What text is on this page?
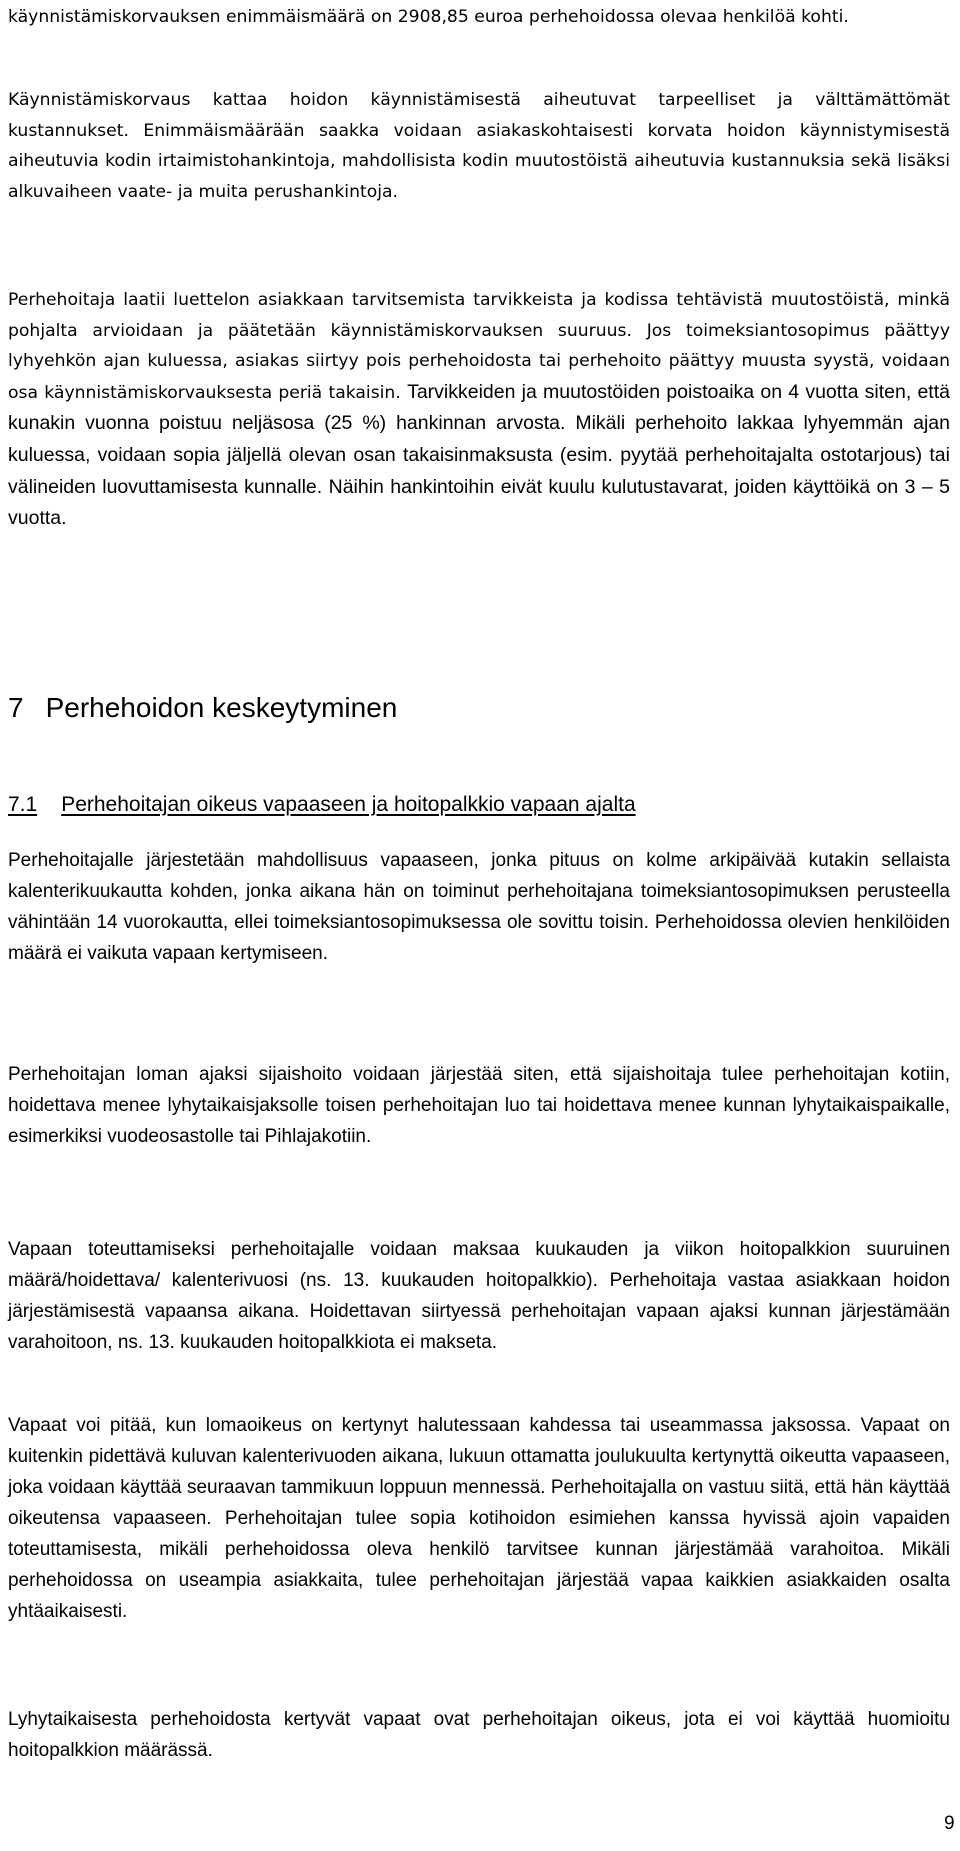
käynnistämiskorvauksen enimmäismäärä on 2908,85 euroa perhehoidossa olevaa henkilöä kohti.

Käynnistämiskorvaus kattaa hoidon käynnistämisestä aiheutuvat tarpeelliset ja välttämättömät kustannukset. Enimmäismäärään saakka voidaan asiakaskohtaisesti korvata hoidon käynnistymisestä aiheutuvia kodin irtaimistohankintoja, mahdollisista kodin muutostöistä aiheutuvia kustannuksia sekä lisäksi alkuvaiheen vaate- ja muita perushankintoja.

Perhehoitaja laatii luettelon asiakkaan tarvitsemista tarvikkeista ja kodissa tehtävistä muutostöistä, minkä pohjalta arvioidaan ja päätetään käynnistämiskorvauksen suuruus. Jos toimeksiantosopimus päättyy lyhyehkön ajan kuluessa, asiakas siirtyy pois perhehoidosta tai perhehoito päättyy muusta syystä, voidaan osa käynnistämiskorvauksesta periä takaisin. Tarvikkeiden ja muutostöiden poistoaika on 4 vuotta siten, että kunakin vuonna poistuu neljäsosa (25 %) hankinnan arvosta. Mikäli perhehoito lakkaa lyhyemmän ajan kuluessa, voidaan sopia jäljellä olevan osan takaisinmaksusta (esim. pyytää perhehoitajalta ostotarjous) tai välineiden luovuttamisesta kunnalle. Näihin hankintoihin eivät kuulu kulutustavarat, joiden käyttöikä on 3 – 5 vuotta.

7 Perhehoidon keskeytyminen
7.1 Perhehoitajan oikeus vapaaseen ja hoitopalkkio vapaan ajalta

Perhehoitajalle järjestetään mahdollisuus vapaaseen, jonka pituus on kolme arkipäivää kutakin sellaista kalenterikuukautta kohden, jonka aikana hän on toiminut perhehoitajana toimeksiantosopimuksen perusteella vähintään 14 vuorokautta, ellei toimeksiantosopimuksessa ole sovittu toisin. Perhehoidossa olevien henkilöiden määrä ei vaikuta vapaan kertymiseen.

Perhehoitajan loman ajaksi sijaishoito voidaan järjestää siten, että sijaishoitaja tulee perhehoitajan kotiin, hoidettava menee lyhytaikaisjaksolle toisen perhehoitajan luo tai hoidettava menee kunnan lyhytaikaispaikalle, esimerkiksi vuodeosastolle tai Pihlajakotiin.

Vapaan toteuttamiseksi perhehoitajalle voidaan maksaa kuukauden ja viikon hoitopalkkion suuruinen määrä/hoidettava/ kalenterivuosi (ns. 13. kuukauden hoitopalkkio). Perhehoitaja vastaa asiakkaan hoidon järjestämisestä vapaansa aikana. Hoidettavan siirtyessä perhehoitajan vapaan ajaksi kunnan järjestämään varahoitoon, ns. 13. kuukauden hoitopalkkiota ei makseta.

Vapaat voi pitää, kun lomaoikeus on kertynyt halutessaan kahdessa tai useammassa jaksossa. Vapaat on kuitenkin pidettävä kuluvan kalenterivuoden aikana, lukuun ottamatta joulukuulta kertynyttä oikeutta vapaaseen, joka voidaan käyttää seuraavan tammikuun loppuun mennessä. Perhehoitajalla on vastuu siitä, että hän käyttää oikeutensa vapaaseen. Perhehoitajan tulee sopia kotihoidon esimiehen kanssa hyvissä ajoin vapaiden toteuttamisesta, mikäli perhehoidossa oleva henkilö tarvitsee kunnan järjestämää varahoitoa. Mikäli perhehoidossa on useampia asiakkaita, tulee perhehoitajan järjestää vapaa kaikkien asiakkaiden osalta yhtäaikaisesti.

Lyhytaikaisesta perhehoidosta kertyvät vapaat ovat perhehoitajan oikeus, jota ei voi käyttää huomioitu hoitopalkkion määrässä.

9
